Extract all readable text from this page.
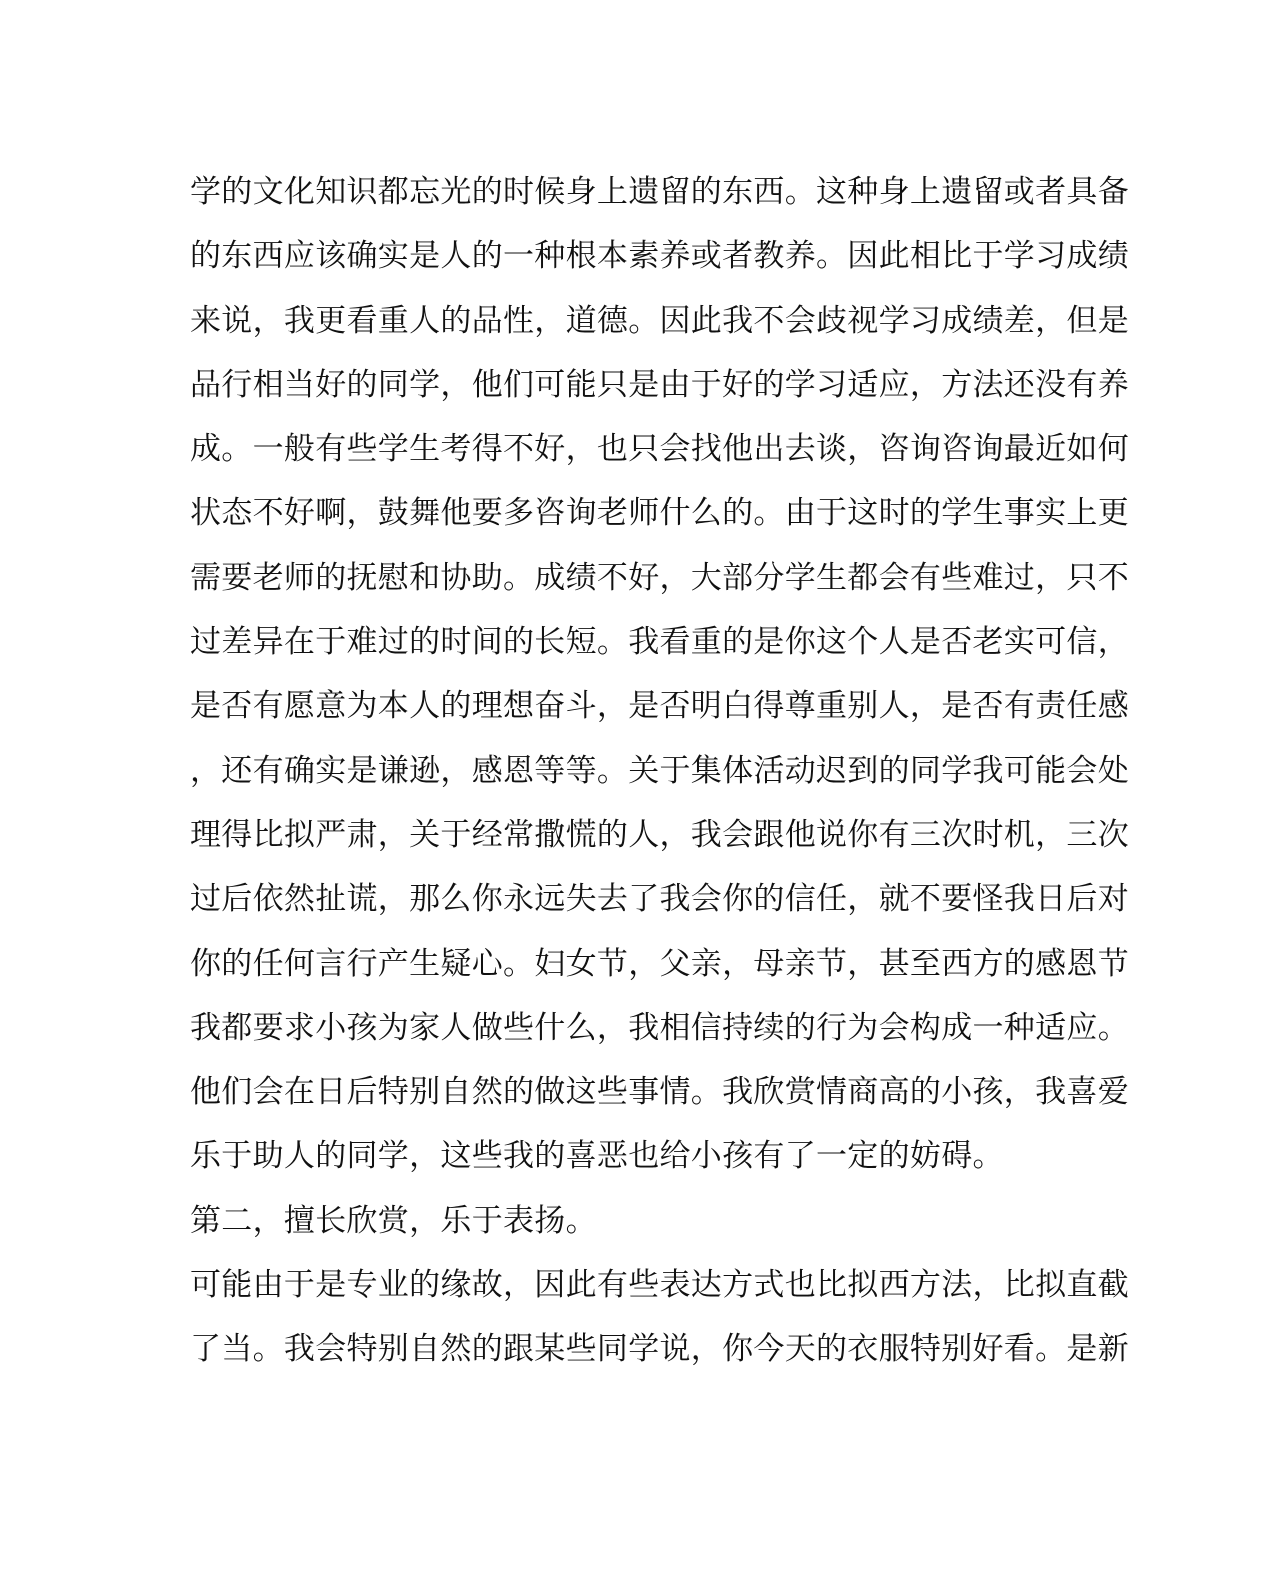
学的文化知识都忘光的时候身上遗留的东西。这种身上遗留或者具备
的东西应该确实是人的一种根本素养或者教养。因此相比于学习成绩
来说，我更看重人的品性，道德。因此我不会歧视学习成绩差，但是
品行相当好的同学，他们可能只是由于好的学习适应，方法还没有养
成。一般有些学生考得不好，也只会找他出去谈，咨询咨询最近如何
状态不好啊，鼓舞他要多咨询老师什么的。由于这时的学生事实上更
需要老师的抚慰和协助。成绩不好，大部分学生都会有些难过，只不
过差异在于难过的时间的长短。我看重的是你这个人是否老实可信，
是否有愿意为本人的理想奋斗，是否明白得尊重别人，是否有责任感
，还有确实是谦逊，感恩等等。关于集体活动迟到的同学我可能会处
理得比拟严肃，关于经常撒慌的人，我会跟他说你有三次时机，三次
过后依然扯谎，那么你永远失去了我会你的信任，就不要怪我日后对
你的任何言行产生疑心。妇女节，父亲，母亲节，甚至西方的感恩节
我都要求小孩为家人做些什么，我相信持续的行为会构成一种适应。
他们会在日后特别自然的做这些事情。我欣赏情商高的小孩，我喜爱
乐于助人的同学，这些我的喜恶也给小孩有了一定的妨碍。
第二，擅长欣赏，乐于表扬。
可能由于是专业的缘故，因此有些表达方式也比拟西方法，比拟直截
了当。我会特别自然的跟某些同学说，你今天的衣服特别好看。是新
